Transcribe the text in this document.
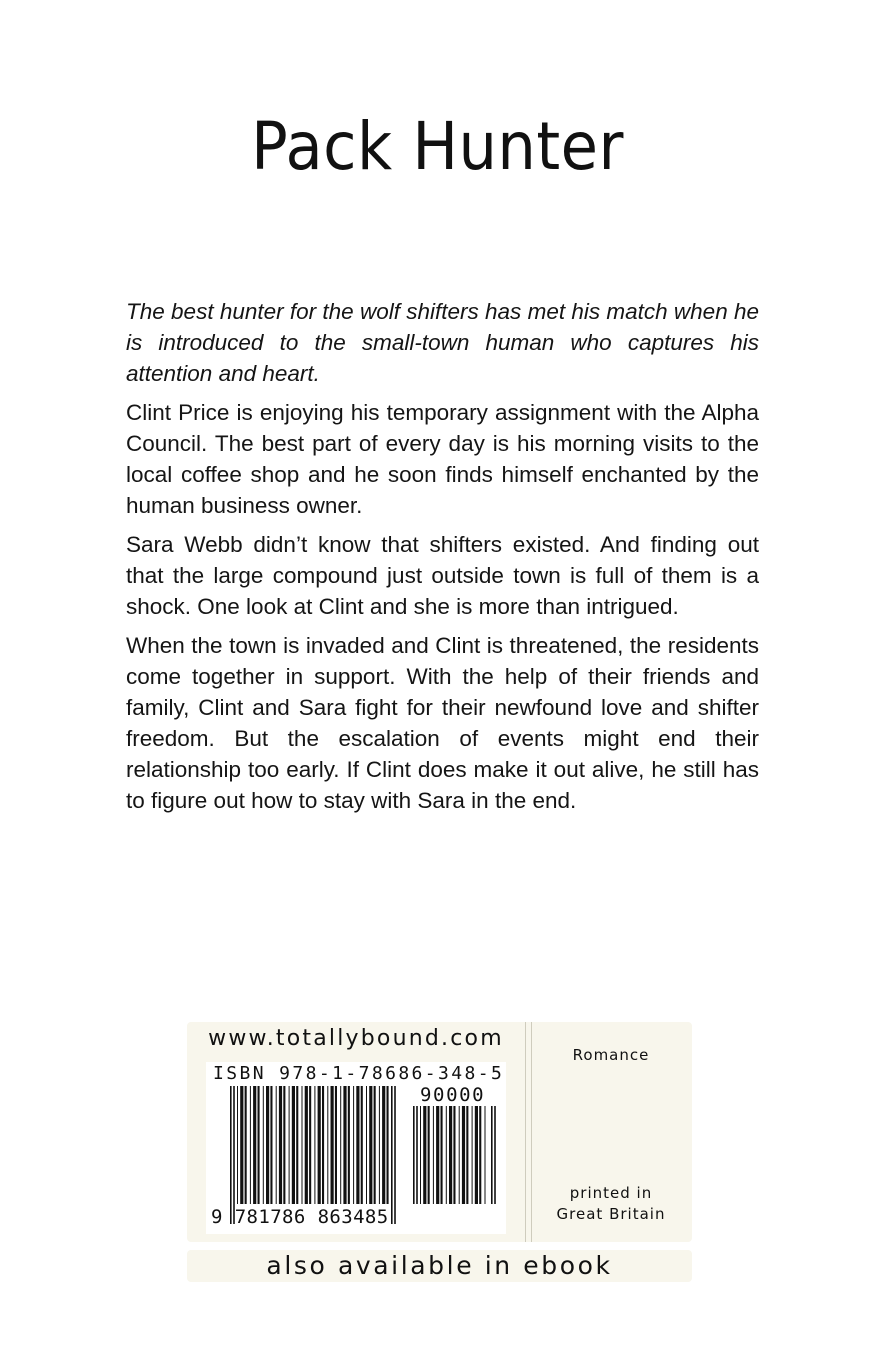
Pack Hunter

The best hunter for the wolf shifters has met his match when he is introduced to the small-town human who captures his attention and heart.

Clint Price is enjoying his temporary assignment with the Alpha Council. The best part of every day is his morning visits to the local coffee shop and he soon finds himself enchanted by the human business owner.

Sara Webb didn’t know that shifters existed. And finding out that the large compound just outside town is full of them is a shock. One look at Clint and she is more than intrigued.

When the town is invaded and Clint is threatened, the residents come together in support. With the help of their friends and family, Clint and Sara fight for their newfound love and shifter freedom. But the escalation of events might end their relationship too early. If Clint does make it out alive, he still has to figure out how to stay with Sara in the end.

www.totallybound.com
Romance
printed in
Great Britain
ISBN 978-1-78686-348-5
90000
9 781786 863485
also available in ebook
